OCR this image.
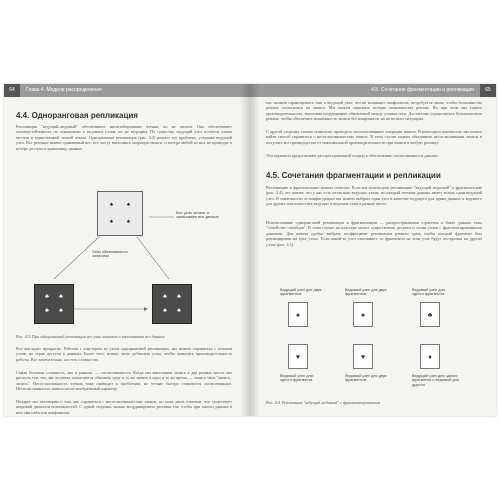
64	Глава 4. Модели распределения
4.4. Одноранговая репликация
Репликация "ведущий–ведомый" обеспечивает масштабирование чтения, но не записи. Она обеспечивает отказоустойчивость по отношению к ведомым узлам, но не ведущим. По существу, ведущий узел остается узким местом и единственной точкой отказа. Одноранговая репликация (рис. 4.3) решает эту проблему, устраняя ведущий узел. Все реплики имеют одинаковый вес, все могут выполнять операции записи, и потеря любой из них не приводит к потере доступа к хранилищу данных.
♠	♠
♠	♠
♣	♣
♣	♣
♣	♣
♣	♣
Все узлы читают и записывают все данные
Узлы обмениваются записями
Рис. 4.3. При одноранговой репликации все узлы читают и записывают все данные
Все выглядит прекрасно. Работая с кластером из узлов одноранговой репликации, мы можем справиться с отказом узлов, не теряя доступа к данным. Более того, можно легко добавлять узлы, чтобы повысить производительность работы. Все замечательно, но есть сложности.
Самая большая сложность, как и раньше, — согласованность. Когда мы выполняем запись в два разных места, мы рискуем тем, что два человека попытаются обновить одну и ту же запись в одно и то же время, — запись типа "запись–запись". Несогласованность чтения тоже приводит к проблемам, но чтение быстро становится согласованным. Несогласованность записи носит необратимый характер.
Позднее мы поговорим о том, как справиться с несогласованностью записи, но пока лишь отметим, что существует широкий диапазон возможностей. С одной стороны, можно координировать реплики так, чтобы при записи данных в них они избегали конфликтов.
4.5. Сочетания фрагментации и репликации	65
мы сможем гарантировать, как и ведущий узел, что не возникнет конфликтов, потребуется лишь, чтобы большинство реплик согласились на запись. Мы можем пережить потерю меньшинства реплик. Но при этом мы теряем производительность, выполняя координацию обновлений между узлами сети. Достаточно ограничиться большинством реплик, чтобы обеспечить возможность записи без конфликтов, но не во всех ситуациях.
С другой стороны, можно позволить проводить несогласованные операции записи. В некоторых контекстах мы можем найти способ справиться с несогласованностью записи. В этом случае можно объединить несогласованные записи и получить все преимущества от максимальной производительности при записи в любую реплику.
Эти варианты представляют распространенный подход к обеспечению согласованности данных.
4.5. Сочетания фрагментации и репликации
Репликацию и фрагментацию можно сочетать. Если мы используем репликацию "ведущий–ведомый" и фрагментацию (рис. 4.4), это значит, что у нас есть несколько ведущих узлов, но каждый элемент данных имеет только один ведущий узел. В зависимости от конфигурации мы можем выбрать один узел в качестве ведущего для одних данных и ведомого для других или поместить ведущие и ведомые узлы в разные места.
Использование одноранговой репликации и фрагментации — распространенная стратегия в базах данных типа "семейство столбцов". В этом случае на кластере может существовать десятки и сотни узлов с фрагментированными данными. Для начала удобно выбрать коэффициент репликации равным трем, чтобы каждый фрагмент был реплицирован на трех узлах. Если какой-то узел отказывает, то фрагменты на этом узле будут построены на других узлах (рис. 4.5).
Ведущий узел для двух фрагментов
Ведомый узел для двух фрагментов
Ведомый узел для одного фрагмента
♠	♠	♣
♥	♥	♦
Ведомый узел для одного фрагмента
Ведомый узел для двух фрагментов
Ведущий узел для одного фрагмента и ведомый для другого
Рис. 4.4. Репликация "ведущий–ведомый" с фрагментированием
